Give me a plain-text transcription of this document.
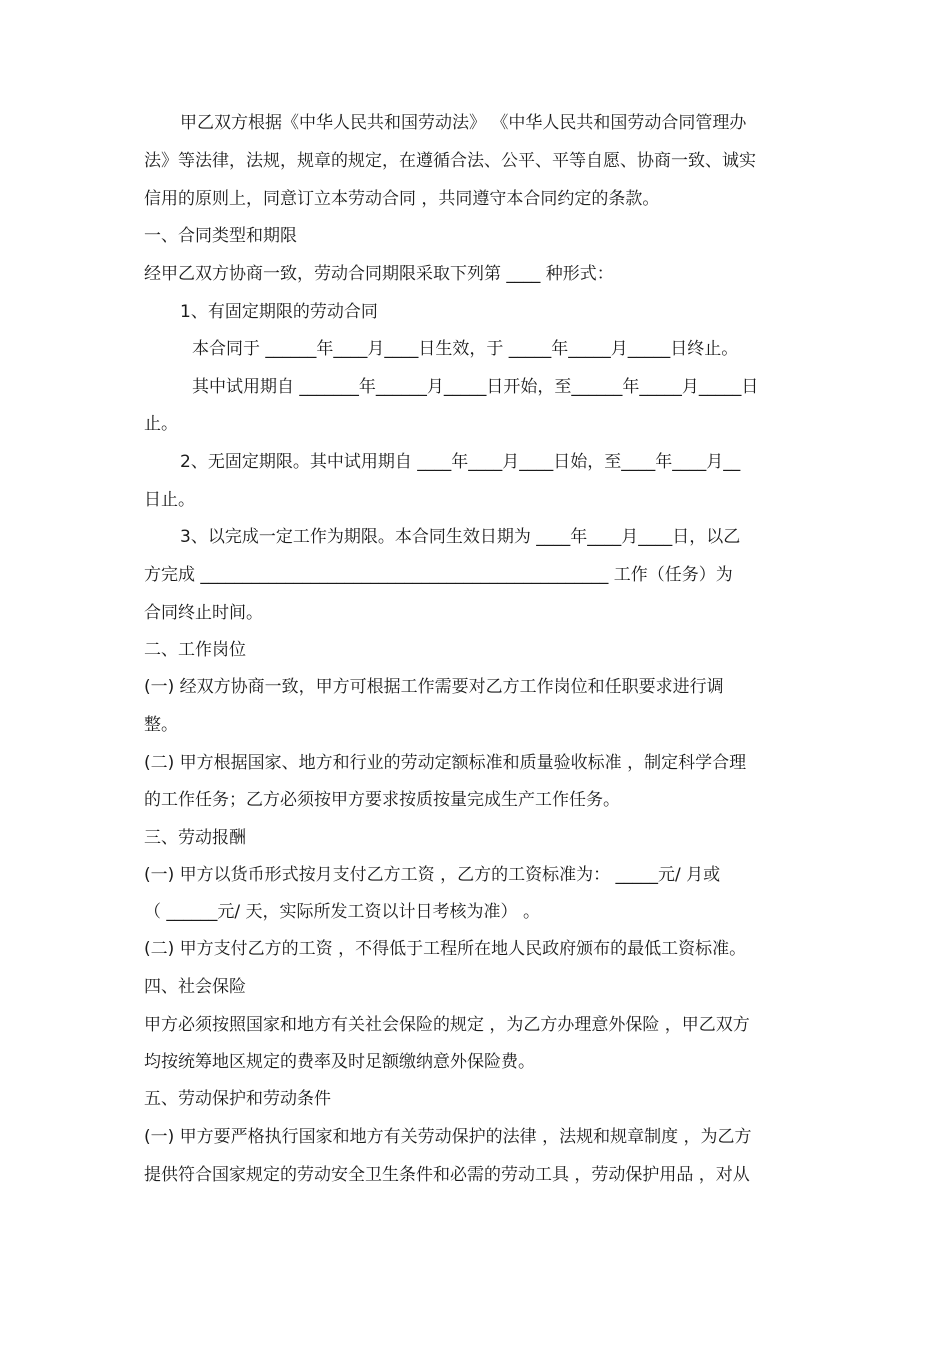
甲乙双方根据《中华人民共和国劳动法》 《中华人民共和国劳动合同管理办
法》等法律，法规，规章的规定，在遵循合法、公平、平等自愿、协商一致、诚实
信用的原则上，同意订立本劳动合同 ，共同遵守本合同约定的条款。
一、合同类型和期限
经甲乙双方协商一致，劳动合同期限采取下列第 ____ 种形式：
1、有固定期限的劳动合同
本合同于 ______年____月____日生效，于 _____年_____月_____日终止。
其中试用期自 _______年______月_____日开始，至______年_____月_____日
止。
2、无固定期限。其中试用期自 ____年____月____日始，至____年____月__
日止。
3、以完成一定工作为期限。本合同生效日期为 ____年____月____日，以乙
方完成 ________________________________________________ 工作（任务）为
合同终止时间。
二、工作岗位
(一) 经双方协商一致，甲方可根据工作需要对乙方工作岗位和任职要求进行调
整。
(二) 甲方根据国家、地方和行业的劳动定额标准和质量验收标准 ，制定科学合理
的工作任务；乙方必须按甲方要求按质按量完成生产工作任务。
三、劳动报酬
(一) 甲方以货币形式按月支付乙方工资 ，乙方的工资标准为： _____元/ 月或
（ ______元/ 天，实际所发工资以计日考核为准） 。
(二) 甲方支付乙方的工资 ，不得低于工程所在地人民政府颁布的最低工资标准。
四、社会保险
甲方必须按照国家和地方有关社会保险的规定 ，为乙方办理意外保险 ，甲乙双方
均按统筹地区规定的费率及时足额缴纳意外保险费。
五、劳动保护和劳动条件
(一) 甲方要严格执行国家和地方有关劳动保护的法律 ，法规和规章制度 ，为乙方
提供符合国家规定的劳动安全卫生条件和必需的劳动工具 ，劳动保护用品 ，对从
